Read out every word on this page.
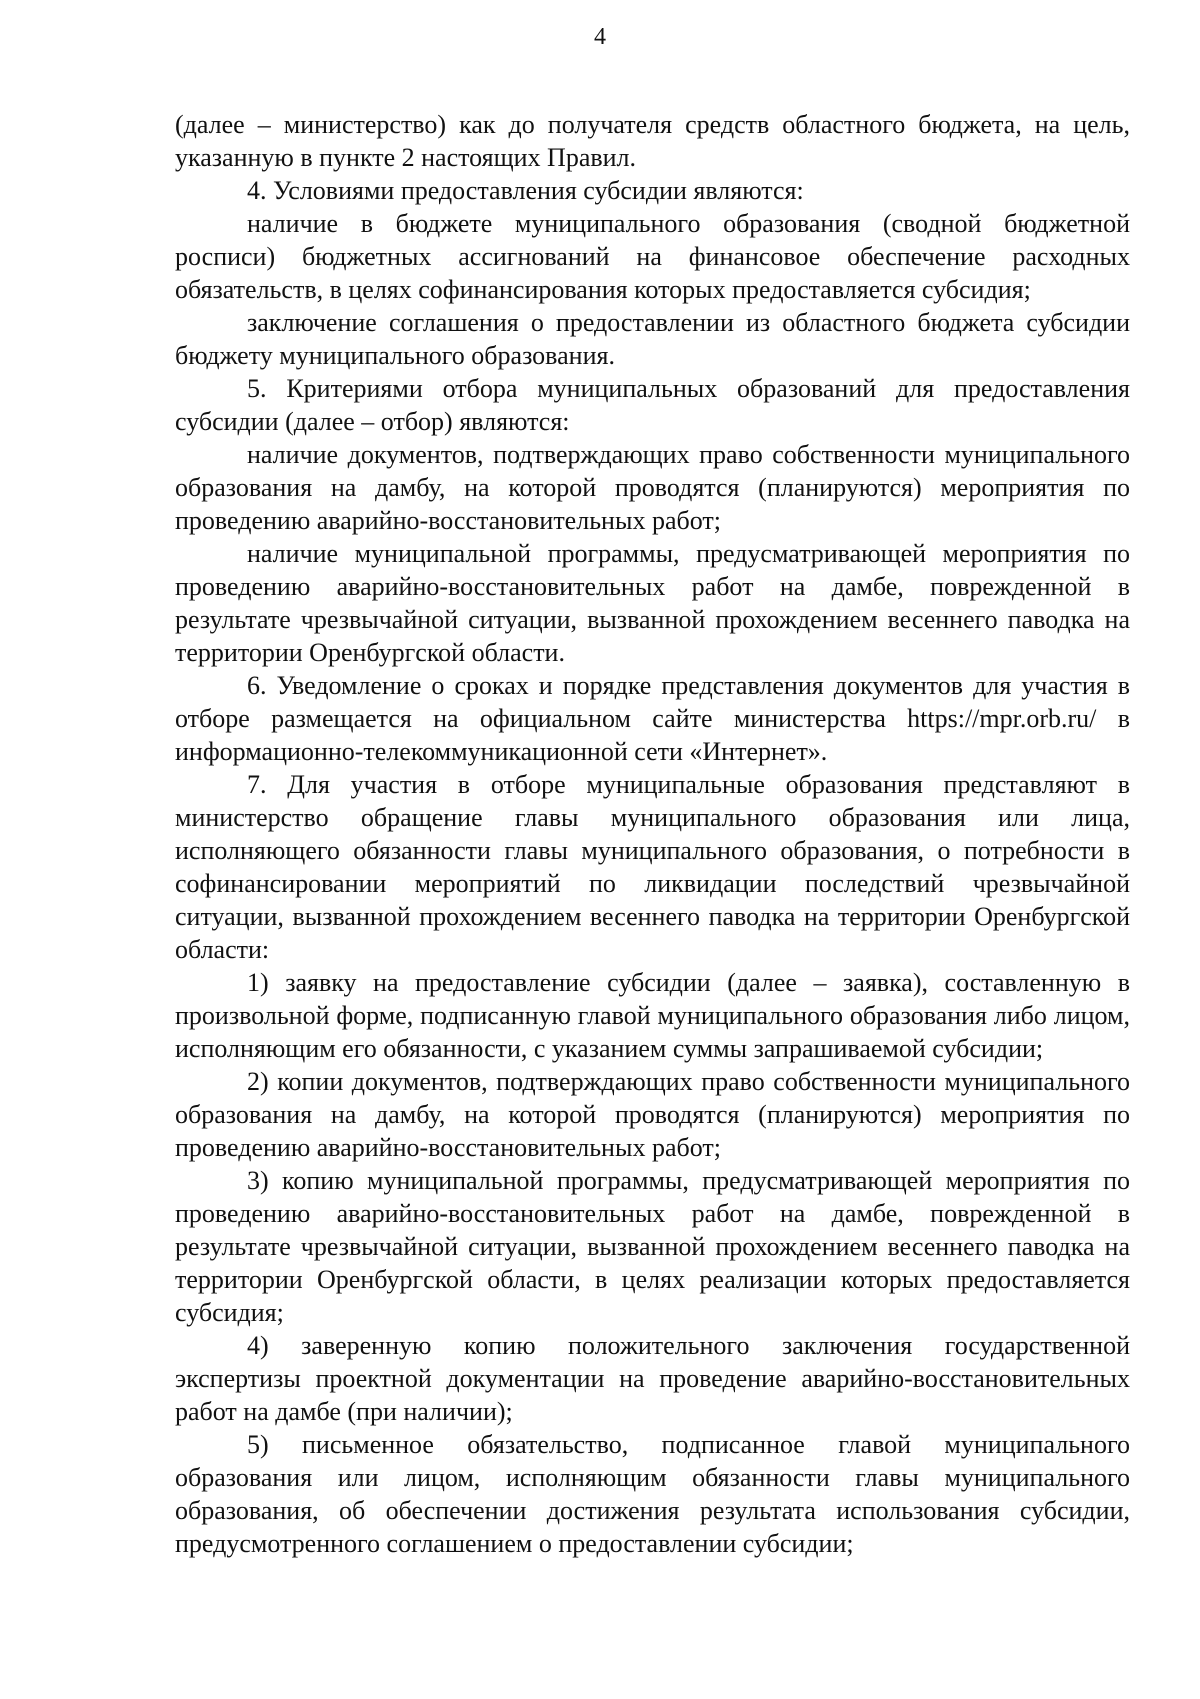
4

(далее – министерство) как до получателя средств областного бюджета, на цель, указанную в пункте 2 настоящих Правил.

4. Условиями предоставления субсидии являются:

наличие в бюджете муниципального образования (сводной бюджетной росписи) бюджетных ассигнований на финансовое обеспечение расходных обязательств, в целях софинансирования которых предоставляется субсидия;

заключение соглашения о предоставлении из областного бюджета субсидии бюджету муниципального образования.

5. Критериями отбора муниципальных образований для предоставления субсидии (далее – отбор) являются:

наличие документов, подтверждающих право собственности муниципального образования на дамбу, на которой проводятся (планируются) мероприятия по проведению аварийно-восстановительных работ;

наличие муниципальной программы, предусматривающей мероприятия по проведению аварийно-восстановительных работ на дамбе, поврежденной в результате чрезвычайной ситуации, вызванной прохождением весеннего паводка на территории Оренбургской области.

6. Уведомление о сроках и порядке представления документов для участия в отборе размещается на официальном сайте министерства https://mpr.orb.ru/ в информационно-телекоммуникационной сети «Интернет».

7. Для участия в отборе муниципальные образования представляют в министерство обращение главы муниципального образования или лица, исполняющего обязанности главы муниципального образования, о потребности в софинансировании мероприятий по ликвидации последствий чрезвычайной ситуации, вызванной прохождением весеннего паводка на территории Оренбургской области:

1) заявку на предоставление субсидии (далее – заявка), составленную в произвольной форме, подписанную главой муниципального образования либо лицом, исполняющим его обязанности, с указанием суммы запрашиваемой субсидии;

2) копии документов, подтверждающих право собственности муниципального образования на дамбу, на которой проводятся (планируются) мероприятия по проведению аварийно-восстановительных работ;

3) копию муниципальной программы, предусматривающей мероприятия по проведению аварийно-восстановительных работ на дамбе, поврежденной в результате чрезвычайной ситуации, вызванной прохождением весеннего паводка на территории Оренбургской области, в целях реализации которых предоставляется субсидия;

4) заверенную копию положительного заключения государственной экспертизы проектной документации на проведение аварийно-восстановительных работ на дамбе (при наличии);

5) письменное обязательство, подписанное главой муниципального образования или лицом, исполняющим обязанности главы муниципального образования, об обеспечении достижения результата использования субсидии, предусмотренного соглашением о предоставлении субсидии;
